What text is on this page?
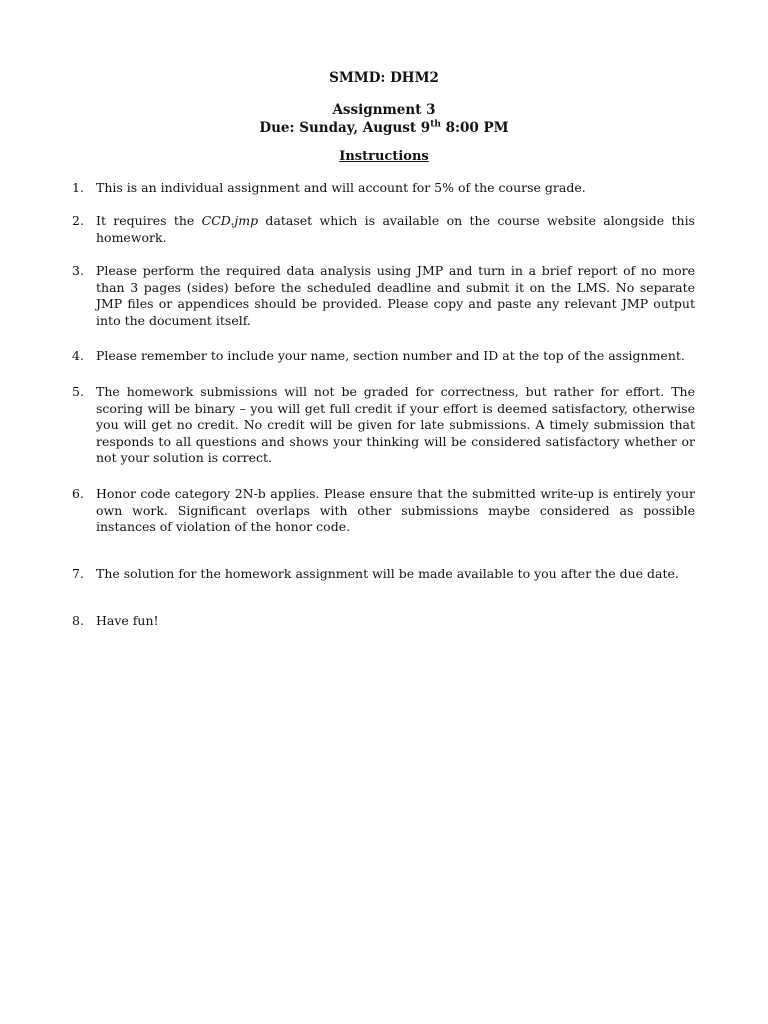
SMMD: DHM2
Assignment 3
Due: Sunday, August 9th 8:00 PM
Instructions
1. This is an individual assignment and will account for 5% of the course grade.
2. It requires the CCD.jmp dataset which is available on the course website alongside this homework.
3. Please perform the required data analysis using JMP and turn in a brief report of no more than 3 pages (sides) before the scheduled deadline and submit it on the LMS. No separate JMP files or appendices should be provided. Please copy and paste any relevant JMP output into the document itself.
4. Please remember to include your name, section number and ID at the top of the assignment.
5. The homework submissions will not be graded for correctness, but rather for effort. The scoring will be binary – you will get full credit if your effort is deemed satisfactory, otherwise you will get no credit. No credit will be given for late submissions. A timely submission that responds to all questions and shows your thinking will be considered satisfactory whether or not your solution is correct.
6. Honor code category 2N-b applies. Please ensure that the submitted write-up is entirely your own work. Significant overlaps with other submissions maybe considered as possible instances of violation of the honor code.
7. The solution for the homework assignment will be made available to you after the due date.
8. Have fun!
